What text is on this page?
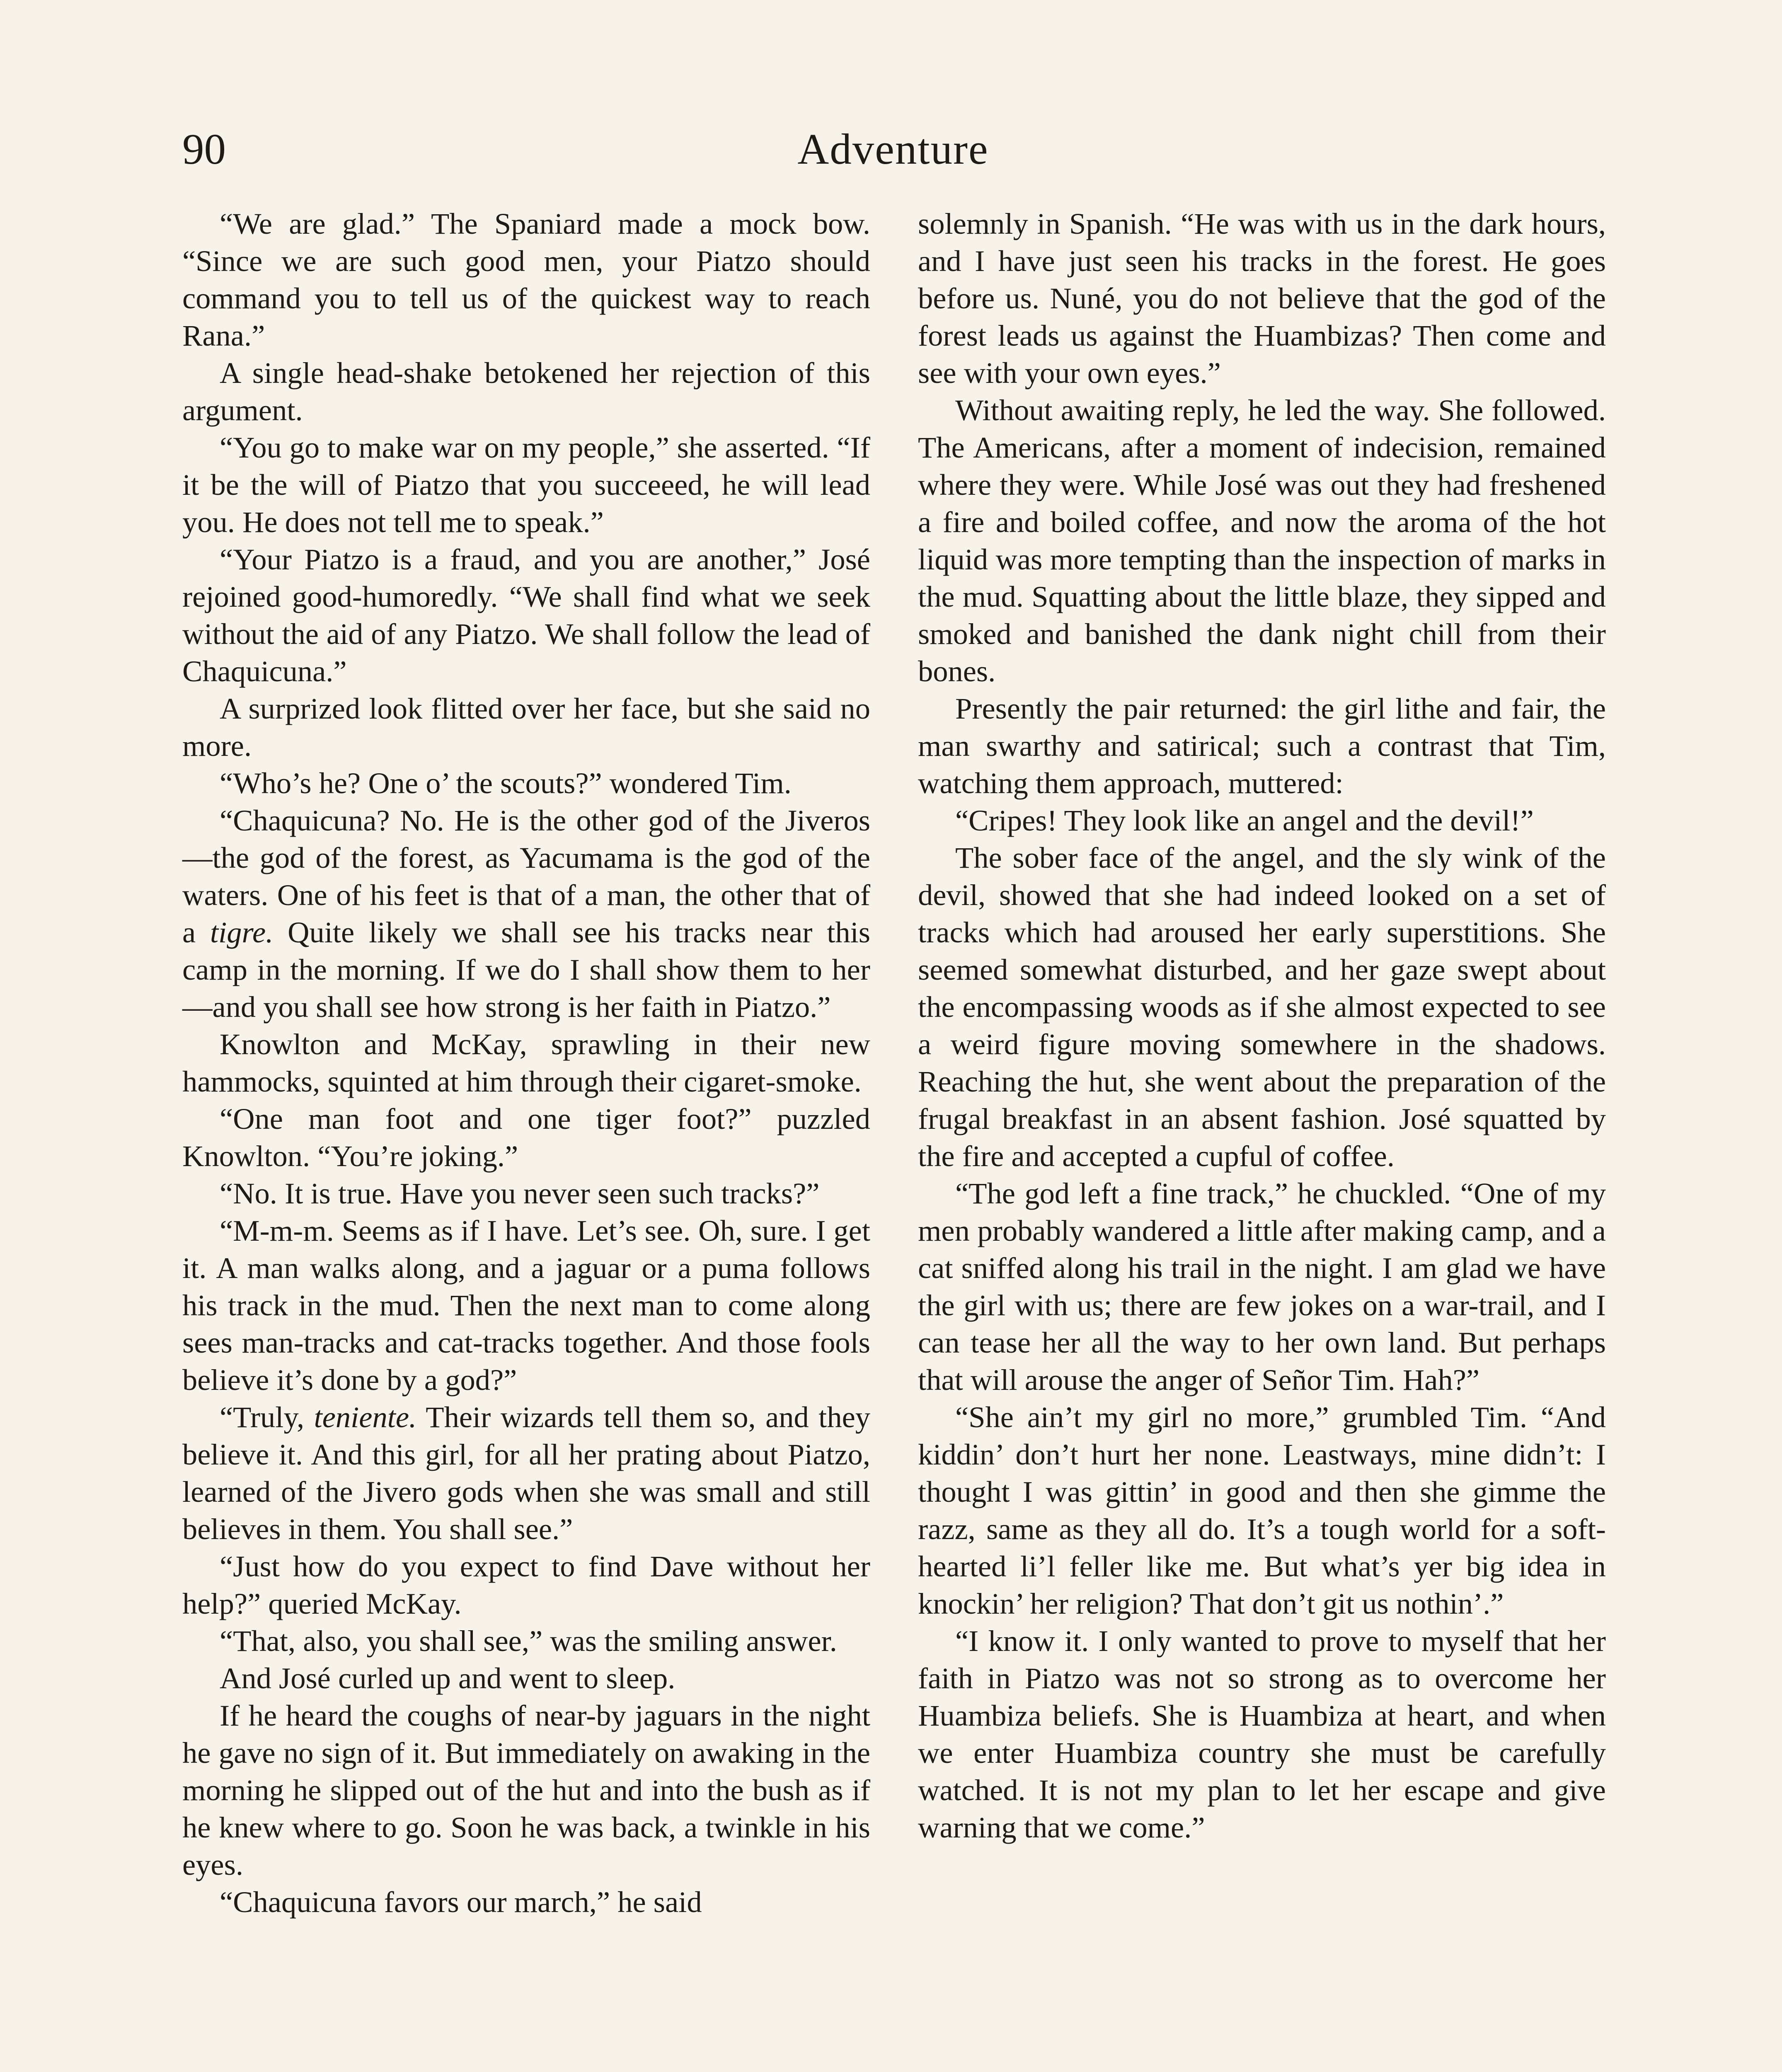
90	Adventure

“We are glad.” The Spaniard made a mock bow. “Since we are such good men, your Piatzo should command you to tell us of the quickest way to reach Rana.”

A single head-shake betokened her rejection of this argument.

“You go to make war on my people,” she asserted. “If it be the will of Piatzo that you succeeed, he will lead you. He does not tell me to speak.”

“Your Piatzo is a fraud, and you are another,” José rejoined good-humoredly. “We shall find what we seek without the aid of any Piatzo. We shall follow the lead of Chaquicuna.”

A surprized look flitted over her face, but she said no more.

“Who’s he? One o’ the scouts?” wondered Tim.

“Chaquicuna? No. He is the other god of the Jiveros—the god of the forest, as Yacumama is the god of the waters. One of his feet is that of a man, the other that of a tigre. Quite likely we shall see his tracks near this camp in the morning. If we do I shall show them to her—and you shall see how strong is her faith in Piatzo.”

Knowlton and McKay, sprawling in their new hammocks, squinted at him through their cigaret-smoke.

“One man foot and one tiger foot?” puzzled Knowlton. “You’re joking.”

“No. It is true. Have you never seen such tracks?”

“M-m-m. Seems as if I have. Let’s see. Oh, sure. I get it. A man walks along, and a jaguar or a puma follows his track in the mud. Then the next man to come along sees man-tracks and cat-tracks together. And those fools believe it’s done by a god?”

“Truly, teniente. Their wizards tell them so, and they believe it. And this girl, for all her prating about Piatzo, learned of the Jivero gods when she was small and still believes in them. You shall see.”

“Just how do you expect to find Dave without her help?” queried McKay.

“That, also, you shall see,” was the smiling answer.

And José curled up and went to sleep.

If he heard the coughs of near-by jaguars in the night he gave no sign of it. But immediately on awaking in the morning he slipped out of the hut and into the bush as if he knew where to go. Soon he was back, a twinkle in his eyes.

“Chaquicuna favors our march,” he said

solemnly in Spanish. “He was with us in the dark hours, and I have just seen his tracks in the forest. He goes before us. Nuné, you do not believe that the god of the forest leads us against the Huambizas? Then come and see with your own eyes.”

Without awaiting reply, he led the way. She followed. The Americans, after a moment of indecision, remained where they were. While José was out they had freshened a fire and boiled coffee, and now the aroma of the hot liquid was more tempting than the inspection of marks in the mud. Squatting about the little blaze, they sipped and smoked and banished the dank night chill from their bones.

Presently the pair returned: the girl lithe and fair, the man swarthy and satirical; such a contrast that Tim, watching them approach, muttered:

“Cripes! They look like an angel and the devil!”

The sober face of the angel, and the sly wink of the devil, showed that she had indeed looked on a set of tracks which had aroused her early superstitions. She seemed somewhat disturbed, and her gaze swept about the encompassing woods as if she almost expected to see a weird figure moving somewhere in the shadows. Reaching the hut, she went about the preparation of the frugal breakfast in an absent fashion. José squatted by the fire and accepted a cupful of coffee.

“The god left a fine track,” he chuckled. “One of my men probably wandered a little after making camp, and a cat sniffed along his trail in the night. I am glad we have the girl with us; there are few jokes on a war-trail, and I can tease her all the way to her own land. But perhaps that will arouse the anger of Señor Tim. Hah?”

“She ain’t my girl no more,” grumbled Tim. “And kiddin’ don’t hurt her none. Leastways, mine didn’t: I thought I was gittin’ in good and then she gimme the razz, same as they all do. It’s a tough world for a soft-hearted li’l feller like me. But what’s yer big idea in knockin’ her religion? That don’t git us nothin’.”

“I know it. I only wanted to prove to myself that her faith in Piatzo was not so strong as to overcome her Huambiza beliefs. She is Huambiza at heart, and when we enter Huambiza country she must be carefully watched. It is not my plan to let her escape and give warning that we come.”
